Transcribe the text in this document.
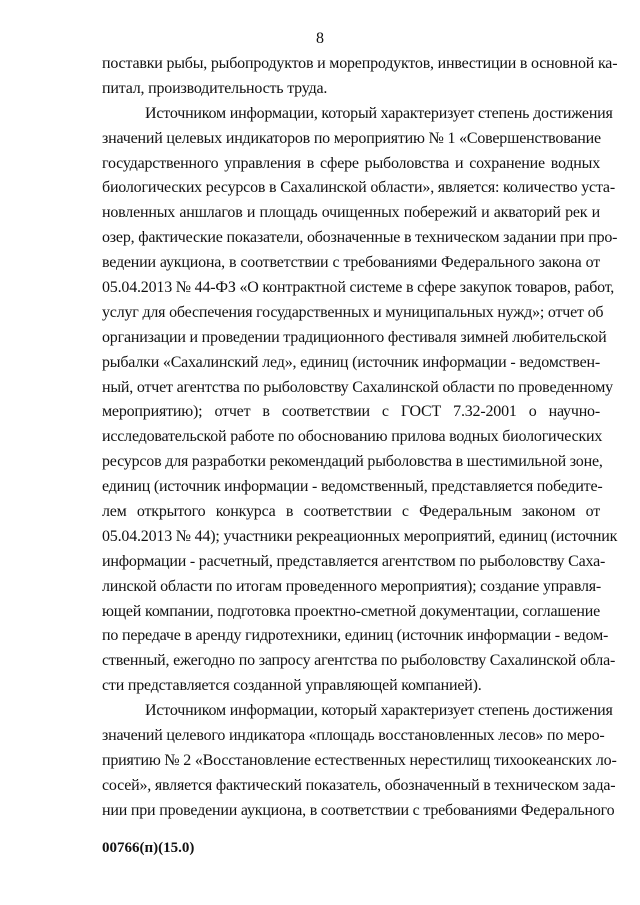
8
поставки рыбы, рыбопродуктов и морепродуктов, инвестиции в основной ка-
питал, производительность труда.
Источником информации, который характеризует степень достижения
значений целевых индикаторов по мероприятию № 1 «Совершенствование
государственного управления в сфере рыболовства и сохранение водных
биологических ресурсов в Сахалинской области», является: количество уста-
новленных аншлагов и площадь очищенных побережий и акваторий рек и
озер, фактические показатели, обозначенные в техническом задании при про-
ведении аукциона, в соответствии с требованиями Федерального закона от
05.04.2013 № 44-ФЗ «О контрактной системе в сфере закупок товаров, работ,
услуг для обеспечения государственных и муниципальных нужд»; отчет об
организации и проведении традиционного фестиваля зимней любительской
рыбалки «Сахалинский лед», единиц (источник информации - ведомствен-
ный, отчет агентства по рыболовству Сахалинской области по проведенному
мероприятию); отчет в соответствии с ГОСТ 7.32-2001 о научно-
исследовательской работе по обоснованию прилова водных биологических
ресурсов для разработки рекомендаций рыболовства в шестимильной зоне,
единиц (источник информации - ведомственный, представляется победите-
лем открытого конкурса в соответствии с Федеральным законом от
05.04.2013 № 44); участники рекреационных мероприятий, единиц (источник
информации - расчетный, представляется агентством по рыболовству Саха-
линской области по итогам проведенного мероприятия); создание управля-
ющей компании, подготовка проектно-сметной документации, соглашение
по передаче в аренду гидротехники, единиц (источник информации - ведом-
ственный, ежегодно по запросу агентства по рыболовству Сахалинской обла-
сти представляется созданной управляющей компанией).
Источником информации, который характеризует степень достижения
значений целевого индикатора «площадь восстановленных лесов» по меро-
приятию № 2 «Восстановление естественных нерестилищ тихоокеанских ло-
сосей», является фактический показатель, обозначенный в техническом зада-
нии при проведении аукциона, в соответствии с требованиями Федерального
00766(п)(15.0)
